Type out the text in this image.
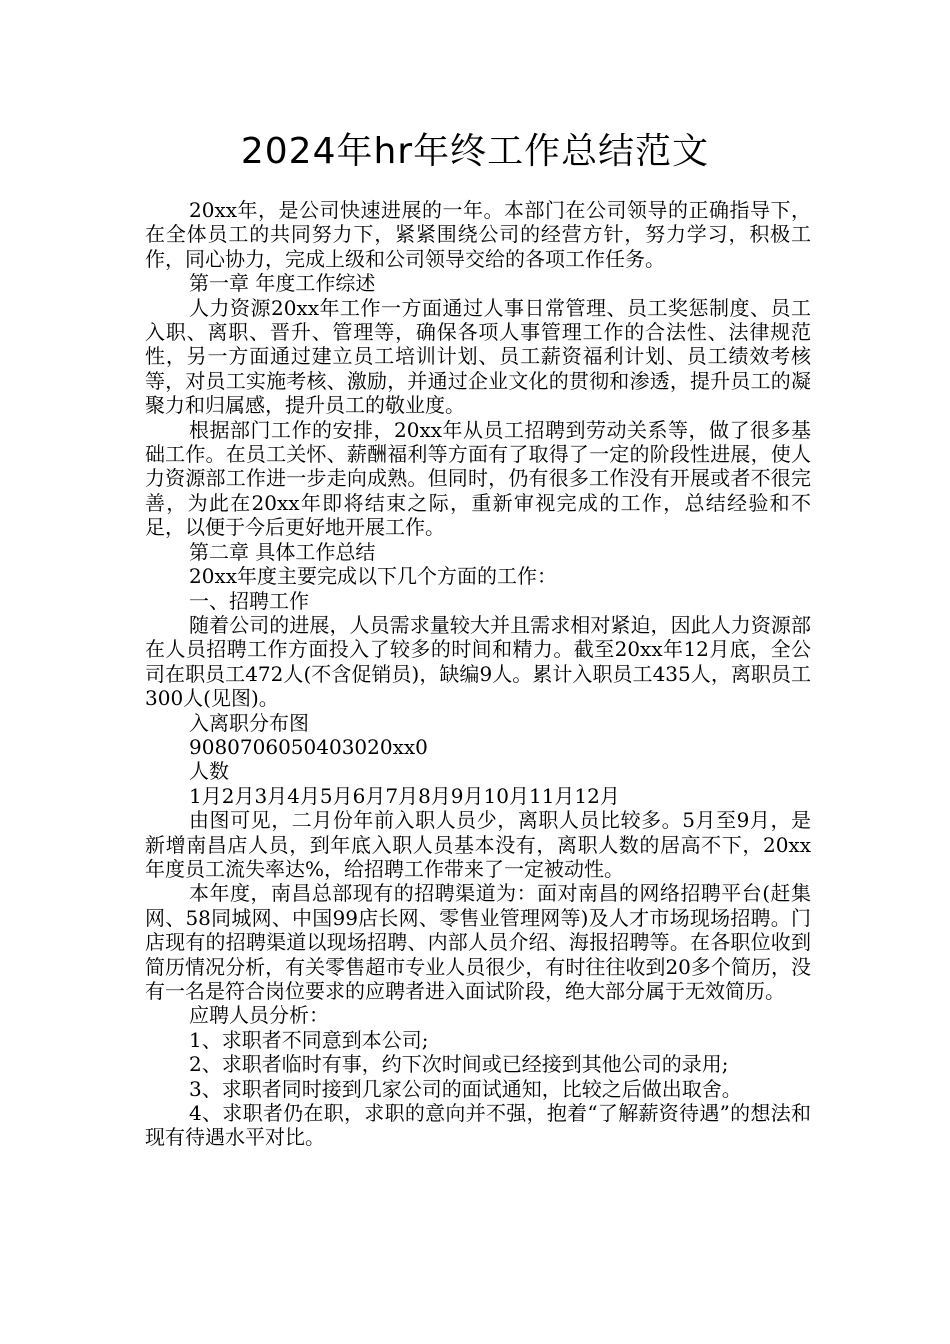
2024年hr年终工作总结范文

20xx年，是公司快速进展的一年。本部门在公司领导的正确指导下，在全体员工的共同努力下，紧紧围绕公司的经营方针，努力学习，积极工作，同心协力，完成上级和公司领导交给的各项工作任务。

第一章 年度工作综述

人力资源20xx年工作一方面通过人事日常管理、员工奖惩制度、员工入职、离职、晋升、管理等，确保各项人事管理工作的合法性、法律规范性，另一方面通过建立员工培训计划、员工薪资福利计划、员工绩效考核等，对员工实施考核、激励，并通过企业文化的贯彻和渗透，提升员工的凝聚力和归属感，提升员工的敬业度。

根据部门工作的安排，20xx年从员工招聘到劳动关系等，做了很多基础工作。在员工关怀、薪酬福利等方面有了取得了一定的阶段性进展，使人力资源部工作进一步走向成熟。但同时，仍有很多工作没有开展或者不很完善，为此在20xx年即将结束之际，重新审视完成的工作，总结经验和不足，以便于今后更好地开展工作。

第二章 具体工作总结

20xx年度主要完成以下几个方面的工作：

一、招聘工作

随着公司的进展，人员需求量较大并且需求相对紧迫，因此人力资源部在人员招聘工作方面投入了较多的时间和精力。截至20xx年12月底，全公司在职员工472人(不含促销员)，缺编9人。累计入职员工435人，离职员工300人(见图)。

入离职分布图

9080706050403020xx0

人数

1月2月3月4月5月6月7月8月9月10月11月12月

由图可见，二月份年前入职人员少，离职人员比较多。5月至9月，是新增南昌店人员，到年底入职人员基本没有，离职人数的居高不下，20xx年度员工流失率达%，给招聘工作带来了一定被动性。

本年度，南昌总部现有的招聘渠道为：面对南昌的网络招聘平台(赶集网、58同城网、中国99店长网、零售业管理网等)及人才市场现场招聘。门店现有的招聘渠道以现场招聘、内部人员介绍、海报招聘等。在各职位收到简历情况分析，有关零售超市专业人员很少，有时往往收到20多个简历，没有一名是符合岗位要求的应聘者进入面试阶段，绝大部分属于无效简历。

应聘人员分析：

1、求职者不同意到本公司;

2、求职者临时有事，约下次时间或已经接到其他公司的录用;

3、求职者同时接到几家公司的面试通知，比较之后做出取舍。

4、求职者仍在职，求职的意向并不强，抱着“了解薪资待遇”的想法和现有待遇水平对比。
